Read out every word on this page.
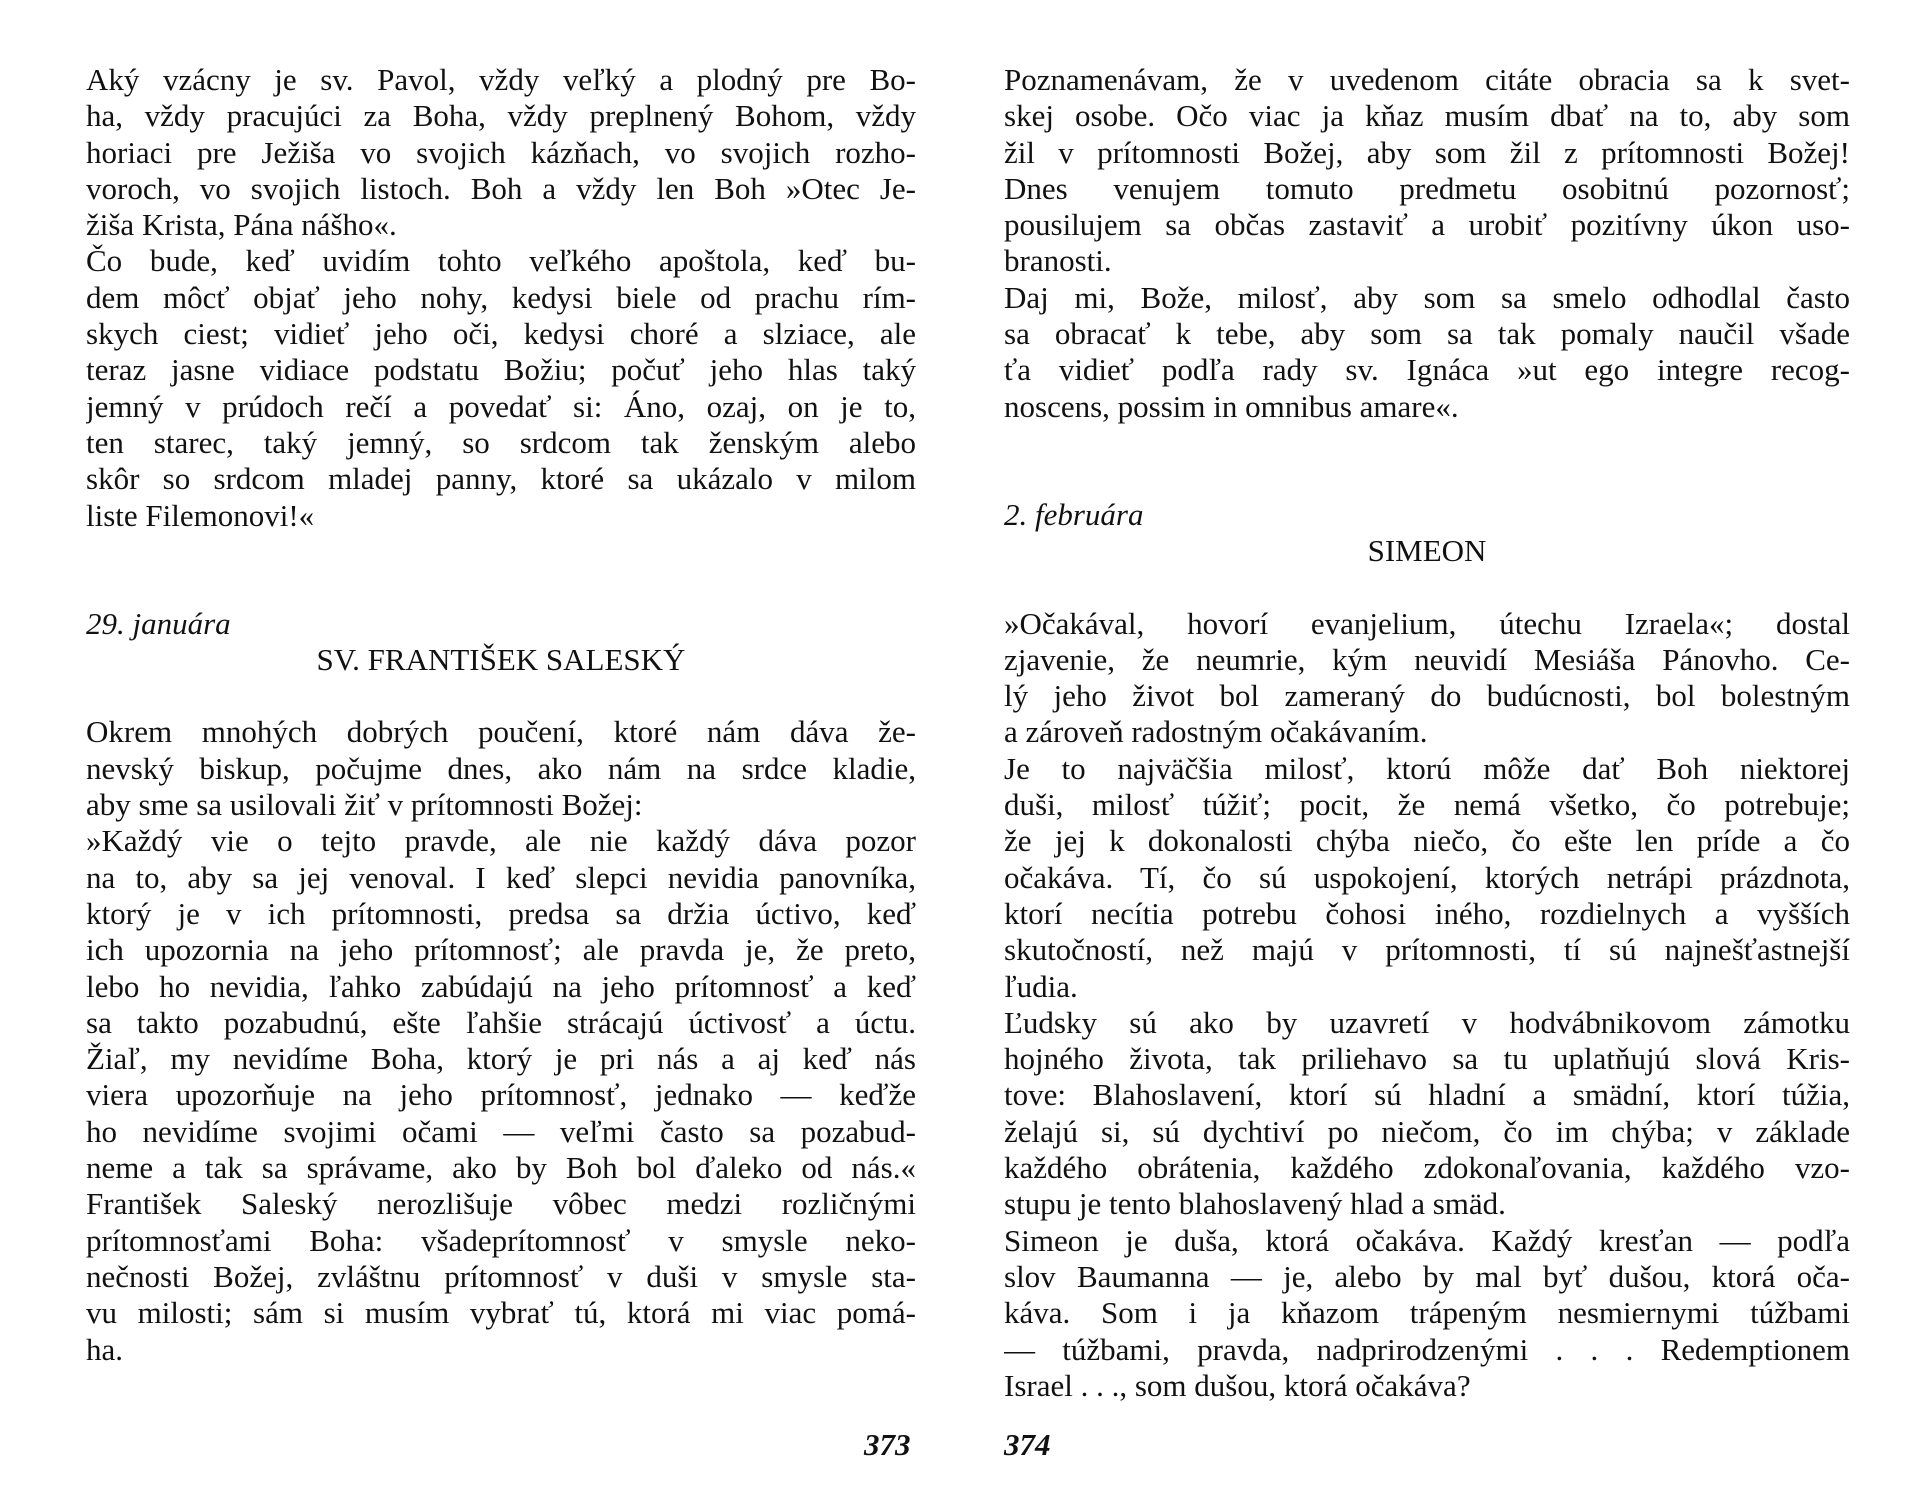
Aký vzácny je sv. Pavol, vždy veľký a plodný pre Bo-
ha, vždy pracujúci za Boha, vždy preplnený Bohom, vždy
horiaci pre Ježiša vo svojich kázňach, vo svojich rozho-
voroch, vo svojich listoch. Boh a vždy len Boh »Otec Je-
žiša Krista, Pána nášho«.
Čo bude, keď uvidím tohto veľkého apoštola, keď bu-
dem môcť objať jeho nohy, kedysi biele od prachu rím-
skych ciest; vidieť jeho oči, kedysi choré a slziace, ale
teraz jasne vidiace podstatu Božiu; počuť jeho hlas taký
jemný v prúdoch rečí a povedať si: Áno, ozaj, on je to,
ten starec, taký jemný, so srdcom tak ženským alebo
skôr so srdcom mladej panny, ktoré sa ukázalo v milom
liste Filemonovi!«
29. januára
SV. FRANTIŠEK SALESKÝ
Okrem mnohých dobrých poučení, ktoré nám dáva že-
nevský biskup, počujme dnes, ako nám na srdce kladie,
aby sme sa usilovali žiť v prítomnosti Božej:
»Každý vie o tejto pravde, ale nie každý dáva pozor
na to, aby sa jej venoval. I keď slepci nevidia panovníka,
ktorý je v ich prítomnosti, predsa sa držia úctivo, keď
ich upozornia na jeho prítomnosť; ale pravda je, že preto,
lebo ho nevidia, ľahko zabúdajú na jeho prítomnosť a keď
sa takto pozabudnú, ešte ľahšie strácajú úctivosť a úctu.
Žiaľ, my nevidíme Boha, ktorý je pri nás a aj keď nás
viera upozorňuje na jeho prítomnosť, jednako — keďže
ho nevidíme svojimi očami — veľmi často sa pozabud-
neme a tak sa správame, ako by Boh bol ďaleko od nás.«
František Saleský nerozlišuje vôbec medzi rozličnými
prítomnosťami Boha: všadeprítomnosť v smysle neko-
nečnosti Božej, zvláštnu prítomnosť v duši v smysle sta-
vu milosti; sám si musím vybrať tú, ktorá mi viac pomá-
ha.
Poznamenávam, že v uvedenom citáte obracia sa k svet-
skej osobe. Očo viac ja kňaz musím dbať na to, aby som
žil v prítomnosti Božej, aby som žil z prítomnosti Božej!
Dnes venujem tomuto predmetu osobitnú pozornosť;
pousilujem sa občas zastaviť a urobiť pozitívny úkon uso-
branosti.
Daj mi, Bože, milosť, aby som sa smelo odhodlal často
sa obracať k tebe, aby som sa tak pomaly naučil všade
ťa vidieť podľa rady sv. Ignáca »ut ego integre recog-
noscens, possim in omnibus amare«.
2. februára
SIMEON
»Očakával, hovorí evanjelium, útechu Izraela«; dostal
zjavenie, že neumrie, kým neuvidí Mesiáša Pánovho. Ce-
lý jeho život bol zameraný do budúcnosti, bol bolestným
a zároveň radostným očakávaním.
Je to najväčšia milosť, ktorú môže dať Boh niektorej
duši, milosť túžiť; pocit, že nemá všetko, čo potrebuje;
že jej k dokonalosti chýba niečo, čo ešte len príde a čo
očakáva. Tí, čo sú uspokojení, ktorých netrápi prázdnota,
ktorí necítia potrebu čohosi iného, rozdielnych a vyšších
skutočností, než majú v prítomnosti, tí sú najnešťastnejší
ľudia.
Ľudsky sú ako by uzavretí v hodvábnikovom zámotku
hojného života, tak priliehavo sa tu uplatňujú slová Kris-
tove: Blahoslavení, ktorí sú hladní a smädní, ktorí túžia,
želajú si, sú dychtiví po niečom, čo im chýba; v základe
každého obrátenia, každého zdokonaľovania, každého vzo-
stupu je tento blahoslavený hlad a smäd.
Simeon je duša, ktorá očakáva. Každý kresťan — podľa
slov Baumanna — je, alebo by mal byť dušou, ktorá oča-
káva. Som i ja kňazom trápeným nesmiernymi túžbami
— túžbami, pravda, nadprirodzenými . . . Redemptionem
Israel . . ., som dušou, ktorá očakáva?
373	374
